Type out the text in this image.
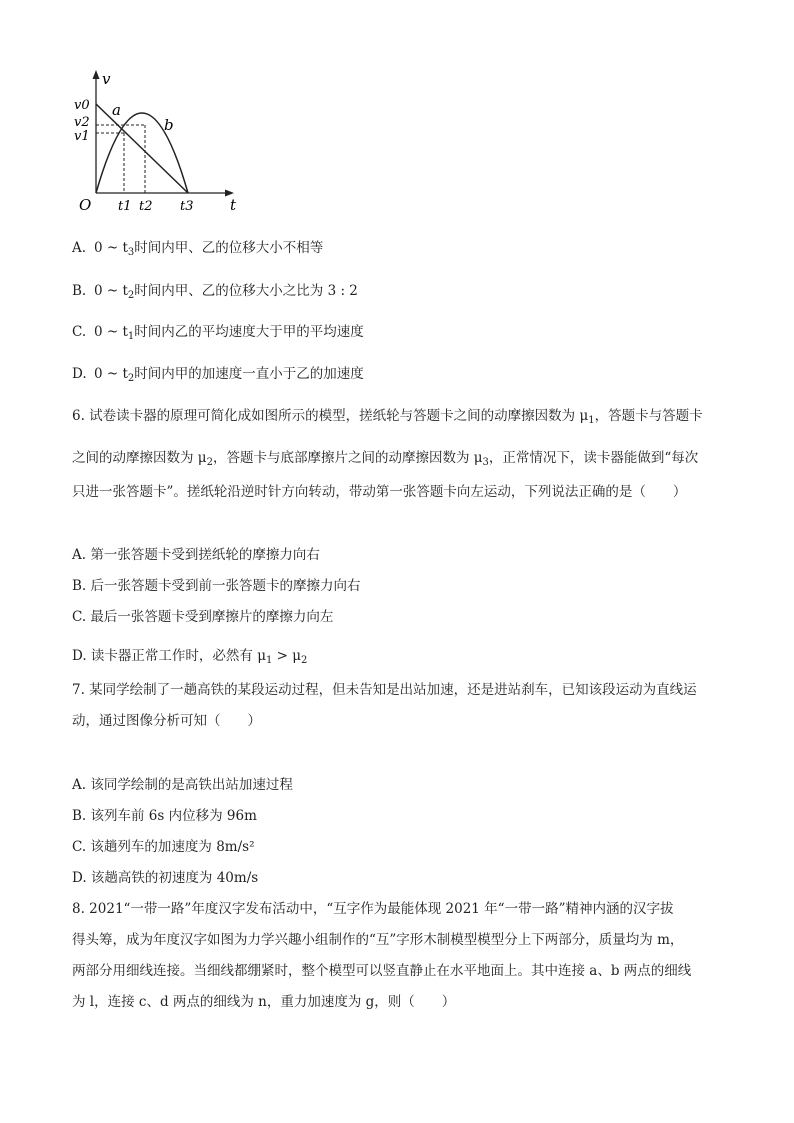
v
t
O
v0
v2
v1
a
b
t1 t2 t3
A. 0 ~ $t_3$时间内甲、乙的位移大小不相等
B. 0 ~ $t_2$时间内甲、乙的位移大小之比为 3 : 2
C. 0 ~ $t_1$时间内乙的平均速度大于甲的平均速度
D. 0 ~ $t_2$时间内甲的加速度一直小于乙的加速度
6. 试卷读卡器的原理可简化成如图所示的模型，搓纸轮与答题卡之间的动摩擦因数为 $\mu_1$，答题卡与答题卡
之间的动摩擦因数为 $\mu_2$，答题卡与底部摩擦片之间的动摩擦因数为 $\mu_3$，正常情况下，读卡器能做到“每次
只进一张答题卡”。搓纸轮沿逆时针方向转动，带动第一张答题卡向左运动，下列说法正确的是（　　）
A. 第一张答题卡受到搓纸轮的摩擦力向右
B. 后一张答题卡受到前一张答题卡的摩擦力向右
C. 最后一张答题卡受到摩擦片的摩擦力向左
D. 读卡器正常工作时，必然有 $\mu_1 > \mu_2$
7. 某同学绘制了一趟高铁的某段运动过程，但未告知是出站加速，还是进站刹车，已知该段运动为直线运
动，通过图像分析可知（　　）
A. 该同学绘制的是高铁出站加速过程
B. 该列车前 6s 内位移为 96m
C. 该趟列车的加速度为 8m/s²
D. 该趟高铁的初速度为 40m/s
8. 2021“一带一路”年度汉字发布活动中，“互字作为最能体现 2021 年“一带一路”精神内涵的汉字拔
得头筹，成为年度汉字如图为力学兴趣小组制作的“互”字形木制模型模型分上下两部分，质量均为 m，
两部分用细线连接。当细线都绷紧时，整个模型可以竖直静止在水平地面上。其中连接 a、b 两点的细线
为 l，连接 c、d 两点的细线为 n，重力加速度为 g，则（　　）
